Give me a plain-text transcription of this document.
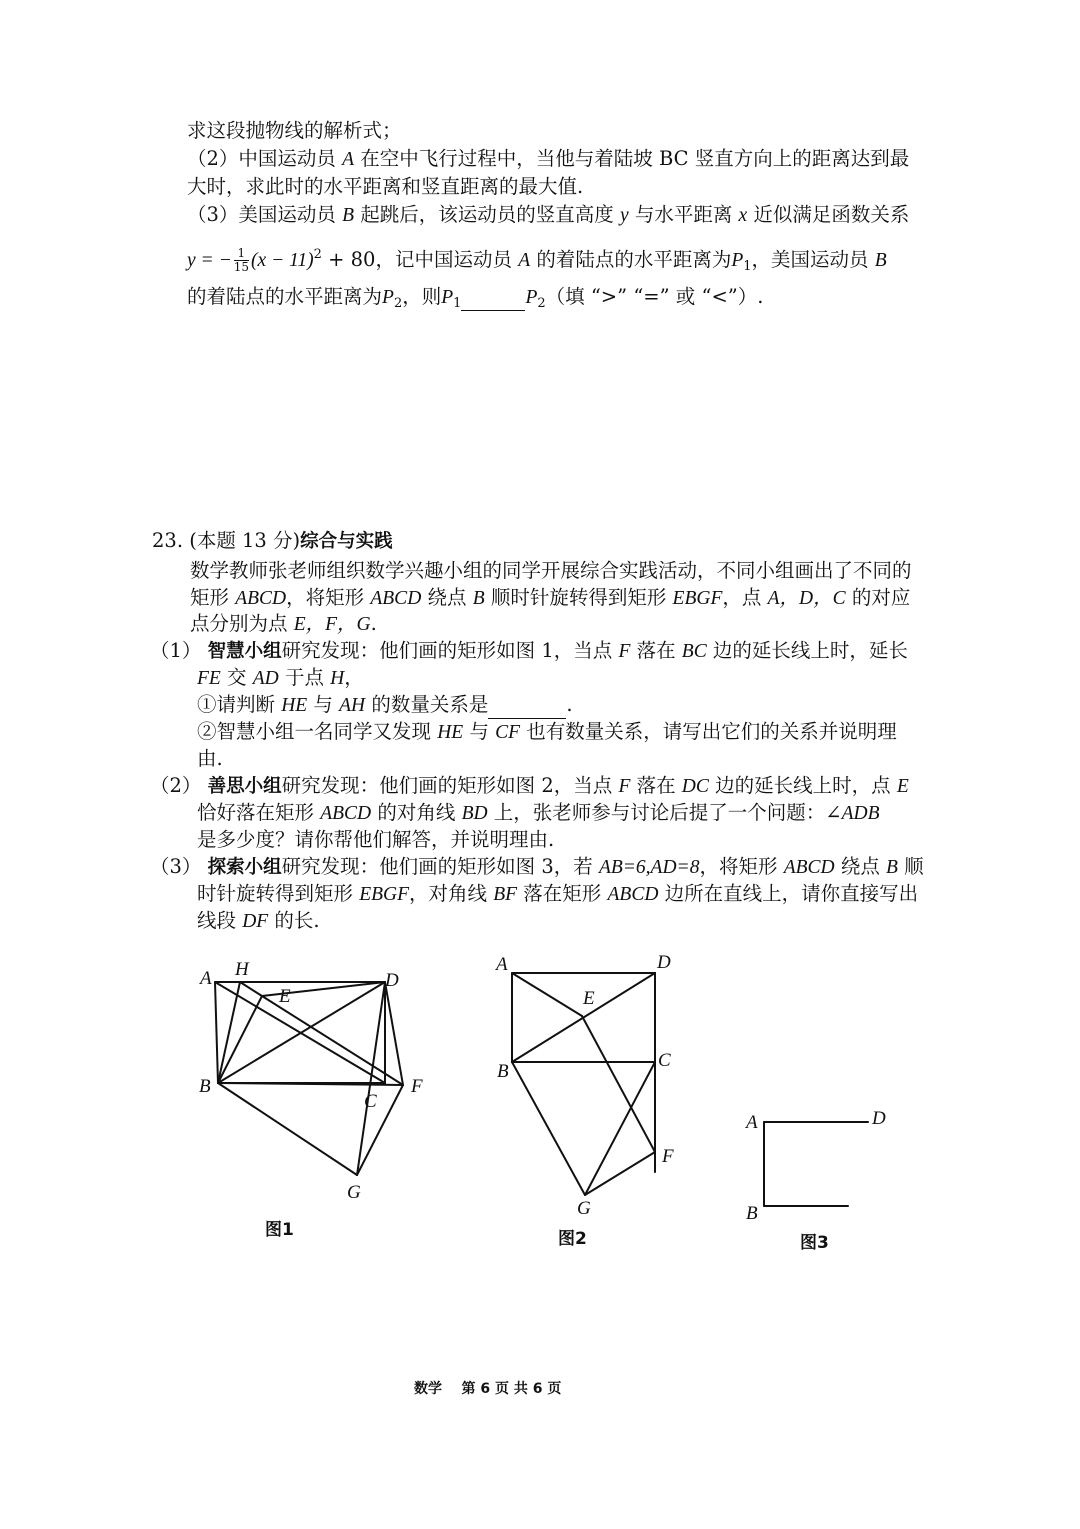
求这段抛物线的解析式；
（2）中国运动员 A 在空中飞行过程中，当他与着陆坡 BC 竖直方向上的距离达到最
大时，求此时的水平距离和竖直距离的最大值.
（3）美国运动员 B 起跳后，该运动员的竖直高度 y 与水平距离 x 近似满足函数关系
y = − $\frac{1}{15} (x - 11)^2 + 80$，记中国运动员 A 的着陆点的水平距离为$P_1$，美国运动员 B
的着陆点的水平距离为$P_2$，则$P_1$	$P_2$（填 “>” “=” 或 “<”）.
23. (本题 13 分)综合与实践
数学教师张老师组织数学兴趣小组的同学开展综合实践活动，不同小组画出了不同的
矩形 ABCD，将矩形 ABCD 绕点 B 顺时针旋转得到矩形 EBGF，点 A，D，C 的对应
点分别为点 E，F，G.
（1） 智慧小组研究发现：他们画的矩形如图 1，当点 F 落在 BC 边的延长线上时，延长
FE 交 AD 于点 H，
①请判断 HE 与 AH 的数量关系是	.
②智慧小组一名同学又发现 HE 与 CF 也有数量关系，请写出它们的关系并说明理
由.
（2） 善思小组研究发现：他们画的矩形如图 2，当点 F 落在 DC 边的延长线上时，点 E
恰好落在矩形 ABCD 的对角线 BD 上，张老师参与讨论后提了一个问题：∠ADB
是多少度？请你帮他们解答，并说明理由.
（3） 探索小组研究发现：他们画的矩形如图 3，若 AB=6,AD=8，将矩形 ABCD 绕点 B 顺
时针旋转得到矩形 EBGF，对角线 BF 落在矩形 ABCD 边所在直线上，请你直接写出
线段 DF 的长.
A H
E
D
B
C
F
G
图1
A	D
E
B
C
F
G
图2
A	D
B
图3
数学 第 6 页 共 6 页
